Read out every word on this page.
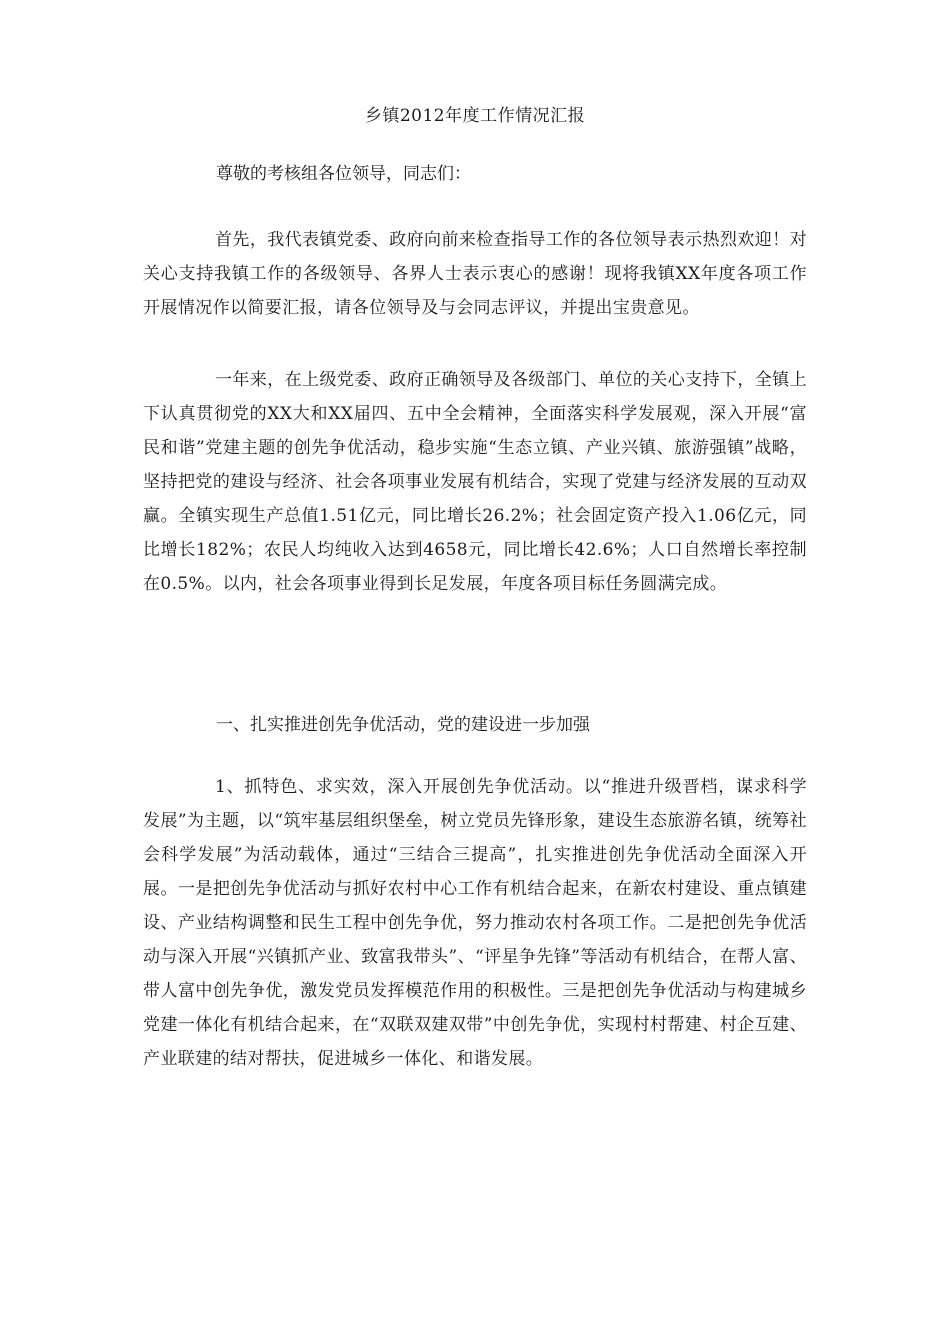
乡镇2012年度工作情况汇报
尊敬的考核组各位领导，同志们：

首先，我代表镇党委、政府向前来检查指导工作的各位领导表示热烈欢迎！对关心支持我镇工作的各级领导、各界人士表示衷心的感谢！现将我镇XX年度各项工作开展情况作以简要汇报，请各位领导及与会同志评议，并提出宝贵意见。

一年来，在上级党委、政府正确领导及各级部门、单位的关心支持下，全镇上下认真贯彻党的XX大和XX届四、五中全会精神，全面落实科学发展观，深入开展“富民和谐”党建主题的创先争优活动，稳步实施“生态立镇、产业兴镇、旅游强镇”战略，坚持把党的建设与经济、社会各项事业发展有机结合，实现了党建与经济发展的互动双赢。全镇实现生产总值1.51亿元，同比增长26.2%；社会固定资产投入1.06亿元，同比增长182%；农民人均纯收入达到4658元，同比增长42.6%；人口自然增长率控制在0.5%。以内，社会各项事业得到长足发展，年度各项目标任务圆满完成。

一、扎实推进创先争优活动，党的建设进一步加强

1、抓特色、求实效，深入开展创先争优活动。以“推进升级晋档，谋求科学发展”为主题，以“筑牢基层组织堡垒，树立党员先锋形象，建设生态旅游名镇，统筹社会科学发展”为活动载体，通过“三结合三提高”，扎实推进创先争优活动全面深入开展。一是把创先争优活动与抓好农村中心工作有机结合起来，在新农村建设、重点镇建设、产业结构调整和民生工程中创先争优，努力推动农村各项工作。二是把创先争优活动与深入开展“兴镇抓产业、致富我带头”、“评星争先锋”等活动有机结合，在帮人富、带人富中创先争优，激发党员发挥模范作用的积极性。三是把创先争优活动与构建城乡党建一体化有机结合起来，在“双联双建双带”中创先争优，实现村村帮建、村企互建、产业联建的结对帮扶，促进城乡一体化、和谐发展。
